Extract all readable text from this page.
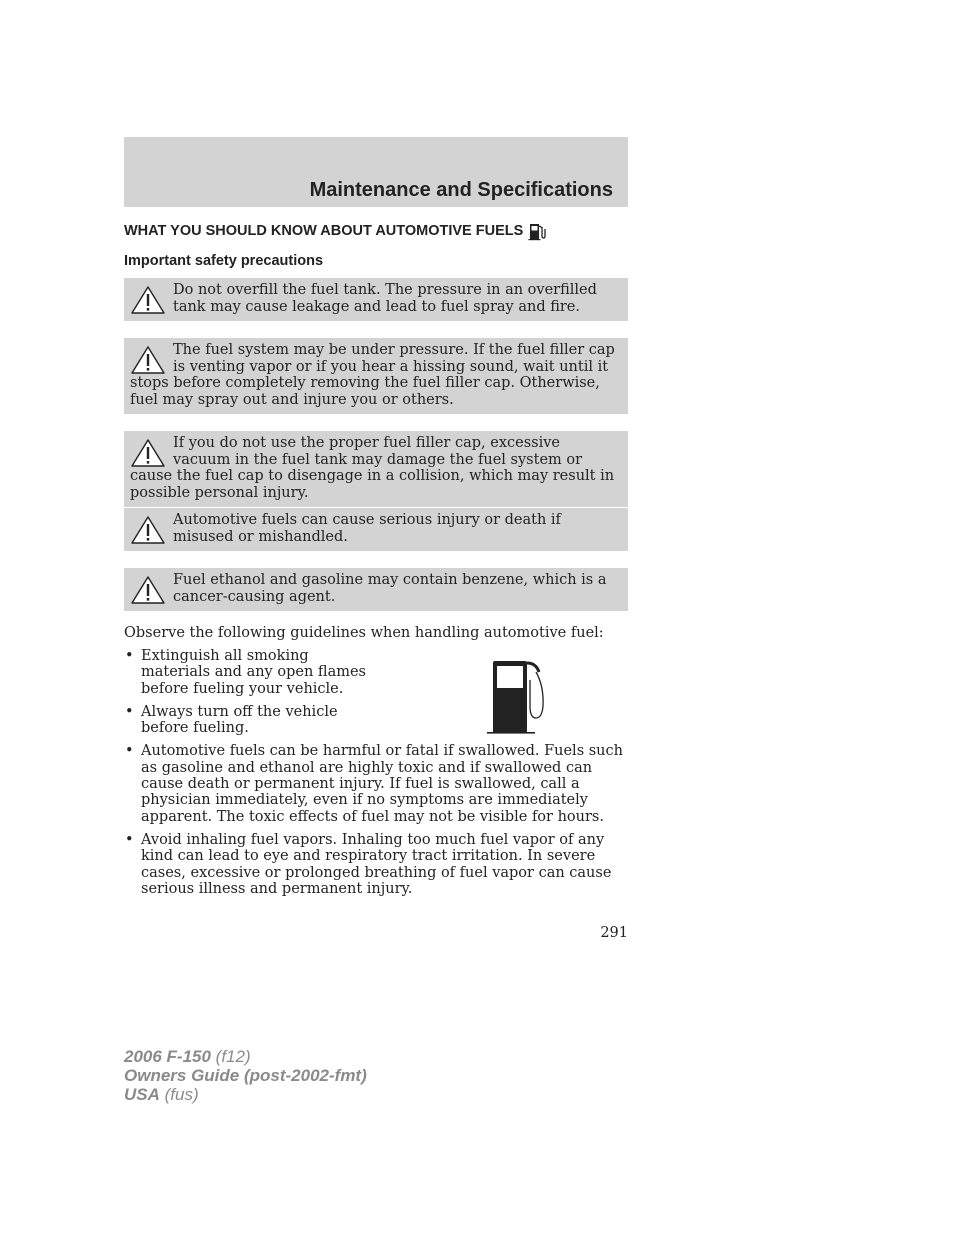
Maintenance and Specifications
WHAT YOU SHOULD KNOW ABOUT AUTOMOTIVE FUELS
Important safety precautions

Do not overfill the fuel tank. The pressure in an overfilled tank may cause leakage and lead to fuel spray and fire.

The fuel system may be under pressure. If the fuel filler cap is venting vapor or if you hear a hissing sound, wait until it stops before completely removing the fuel filler cap. Otherwise, fuel may spray out and injure you or others.

If you do not use the proper fuel filler cap, excessive vacuum in the fuel tank may damage the fuel system or cause the fuel cap to disengage in a collision, which may result in possible personal injury.

Automotive fuels can cause serious injury or death if misused or mishandled.

Fuel ethanol and gasoline may contain benzene, which is a cancer-causing agent.

Observe the following guidelines when handling automotive fuel:
• Extinguish all smoking materials and any open flames before fueling your vehicle.
• Always turn off the vehicle before fueling.
• Automotive fuels can be harmful or fatal if swallowed. Fuels such as gasoline and ethanol are highly toxic and if swallowed can cause death or permanent injury. If fuel is swallowed, call a physician immediately, even if no symptoms are immediately apparent. The toxic effects of fuel may not be visible for hours.
• Avoid inhaling fuel vapors. Inhaling too much fuel vapor of any kind can lead to eye and respiratory tract irritation. In severe cases, excessive or prolonged breathing of fuel vapor can cause serious illness and permanent injury.
291
2006 F-150 (f12)
Owners Guide (post-2002-fmt)
USA (fus)
